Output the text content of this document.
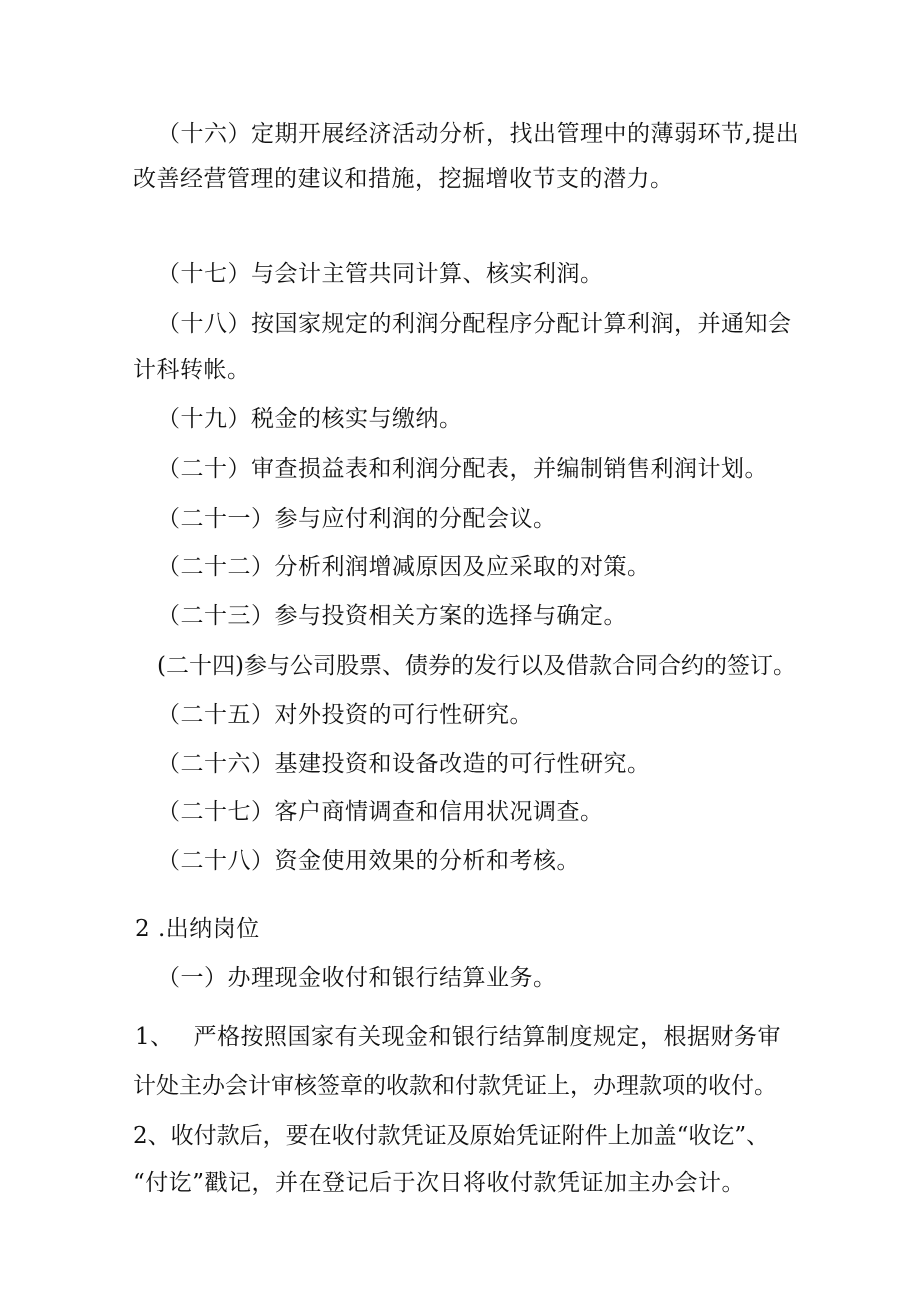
（十六）定期开展经济活动分析，找出管理中的薄弱环节,提出
改善经营管理的建议和措施，挖掘增收节支的潜力。
（十七）与会计主管共同计算、核实利润。
（十八）按国家规定的利润分配程序分配计算利润，并通知会
计科转帐。
（十九）税金的核实与缴纳。
（二十）审查损益表和利润分配表，并编制销售利润计划。
（二十一）参与应付利润的分配会议。
（二十二）分析利润增减原因及应采取的对策。
（二十三）参与投资相关方案的选择与确定。
(二十四)参与公司股票、债券的发行以及借款合同合约的签订。
（二十五）对外投资的可行性研究。
（二十六）基建投资和设备改造的可行性研究。
（二十七）客户商情调查和信用状况调查。
（二十八）资金使用效果的分析和考核。
2 .出纳岗位
（一）办理现金收付和银行结算业务。
1、　 严格按照国家有关现金和银行结算制度规定，根据财务审
计处主办会计审核签章的收款和付款凭证上，办理款项的收付。
2、收付款后，要在收付款凭证及原始凭证附件上加盖“收讫”、
“付讫”戳记，并在登记后于次日将收付款凭证加主办会计。
